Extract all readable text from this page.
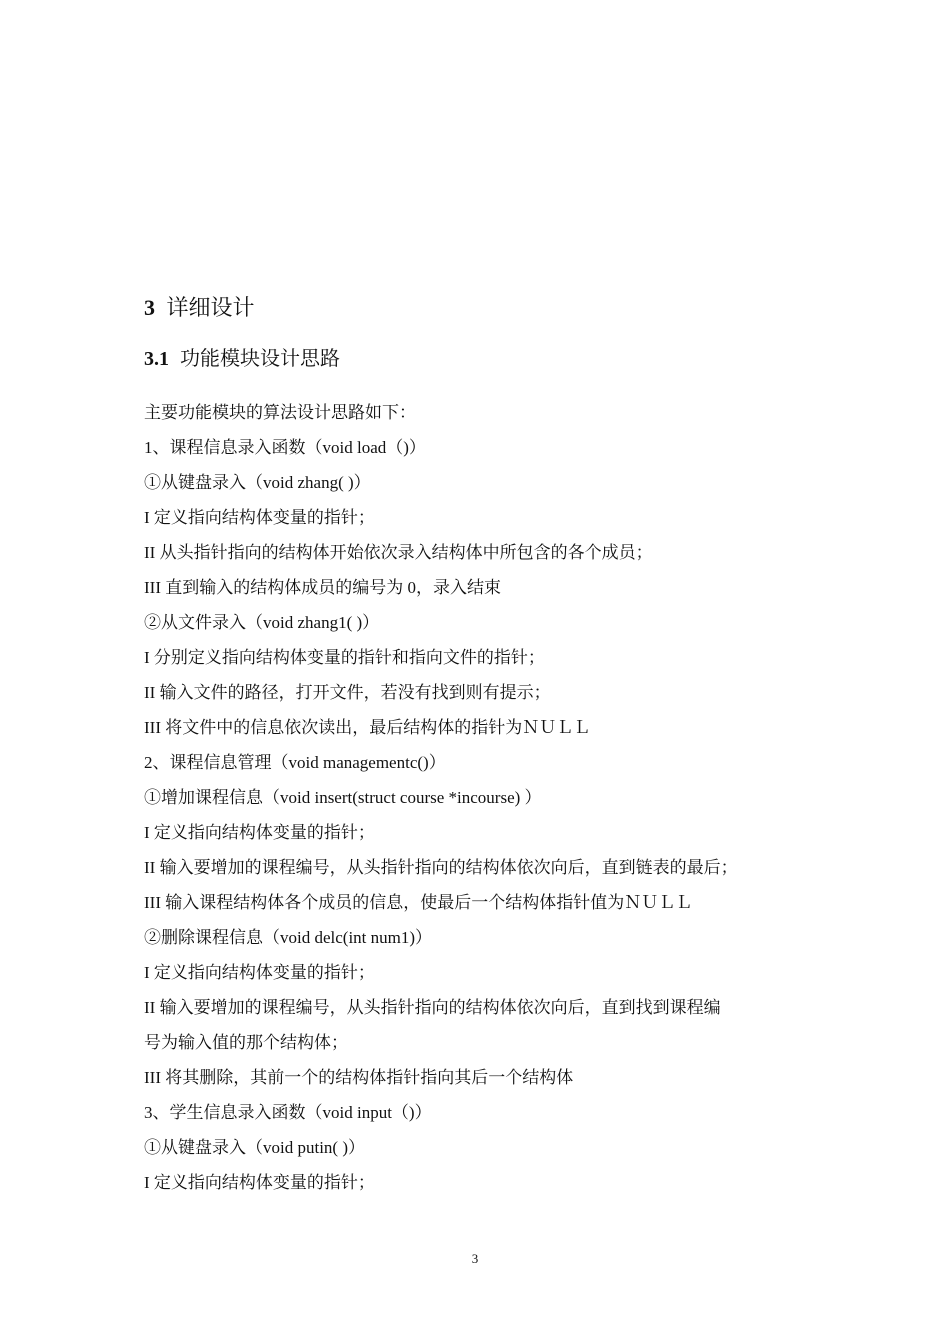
3 详细设计
3.1 功能模块设计思路
主要功能模块的算法设计思路如下：
1、课程信息录入函数（void load（)）
①从键盘录入（void zhang( )）
I 定义指向结构体变量的指针；
II 从头指针指向的结构体开始依次录入结构体中所包含的各个成员；
III 直到输入的结构体成员的编号为 0，录入结束
②从文件录入（void zhang1( )）
I 分别定义指向结构体变量的指针和指向文件的指针；
II 输入文件的路径，打开文件，若没有找到则有提示；
III 将文件中的信息依次读出，最后结构体的指针为ＮＵＬＬ
2、课程信息管理（void managementc()）
①增加课程信息（void insert(struct course *incourse) ）
I 定义指向结构体变量的指针；
II 输入要增加的课程编号，从头指针指向的结构体依次向后，直到链表的最后；
III 输入课程结构体各个成员的信息，使最后一个结构体指针值为ＮＵＬＬ
②删除课程信息（void delc(int num1)）
I 定义指向结构体变量的指针；
II 输入要增加的课程编号，从头指针指向的结构体依次向后，直到找到课程编
号为输入值的那个结构体；
III 将其删除，其前一个的结构体指针指向其后一个结构体
3、学生信息录入函数（void input（)）
①从键盘录入（void putin( )）
I 定义指向结构体变量的指针；
3
